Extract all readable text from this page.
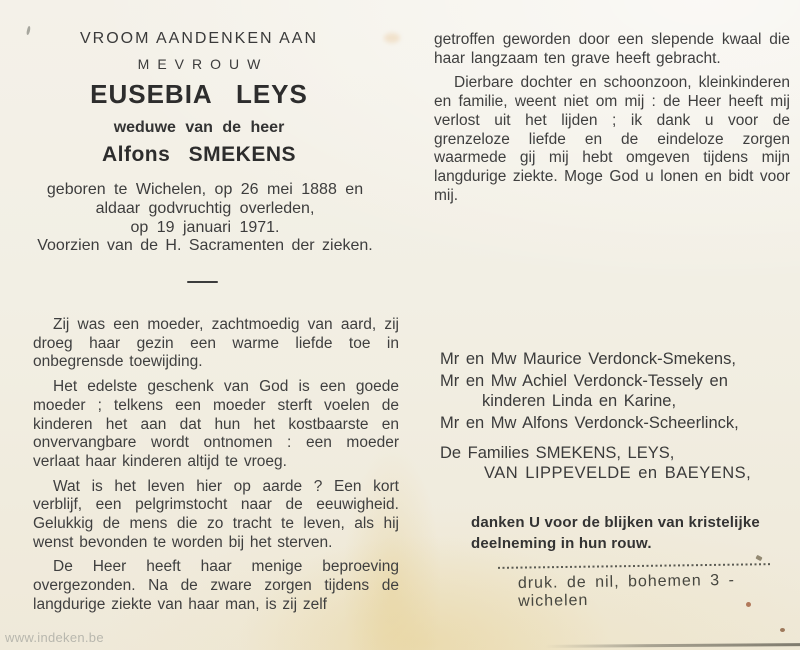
VROOM AANDENKEN AAN
MEVROUW
EUSEBIA LEYS
weduwe van de heer
Alfons SMEKENS
geboren te Wichelen, op 26 mei 1888 en
aldaar godvruchtig overleden,
op 19 januari 1971.
Voorzien van de H. Sacramenten der zieken.

Zij was een moeder, zachtmoedig van aard, zij droeg haar gezin een warme liefde toe in onbegrensde toewijding.

Het edelste geschenk van God is een goede moeder ; telkens een moeder sterft voelen de kinderen het aan dat hun het kostbaarste en onvervangbare wordt ontnomen : een moeder verlaat haar kinderen altijd te vroeg.

Wat is het leven hier op aarde ? Een kort verblijf, een pelgrimstocht naar de eeuwigheid. Gelukkig de mens die zo tracht te leven, als hij wenst bevonden te worden bij het sterven.

De Heer heeft haar menige beproeving overgezonden. Na de zware zorgen tijdens de langdurige ziekte van haar man, is zij zelf

getroffen geworden door een slepende kwaal die haar langzaam ten grave heeft gebracht.

Dierbare dochter en schoonzoon, kleinkinderen en familie, weent niet om mij : de Heer heeft mij verlost uit het lijden ; ik dank u voor de grenzeloze liefde en de eindeloze zorgen waarmede gij mij hebt omgeven tijdens mijn langdurige ziekte. Moge God u lonen en bidt voor mij.

Mr en Mw Maurice Verdonck-Smekens,
Mr en Mw Achiel Verdonck-Tessely en
kinderen Linda en Karine,
Mr en Mw Alfons Verdonck-Scheerlinck,
De Families SMEKENS, LEYS,
VAN LIPPEVELDE en BAEYENS,
danken U voor de blijken van kristelijke deelneming in hun rouw.
druk. de nil, bohemen 3 - wichelen
www.indeken.be
